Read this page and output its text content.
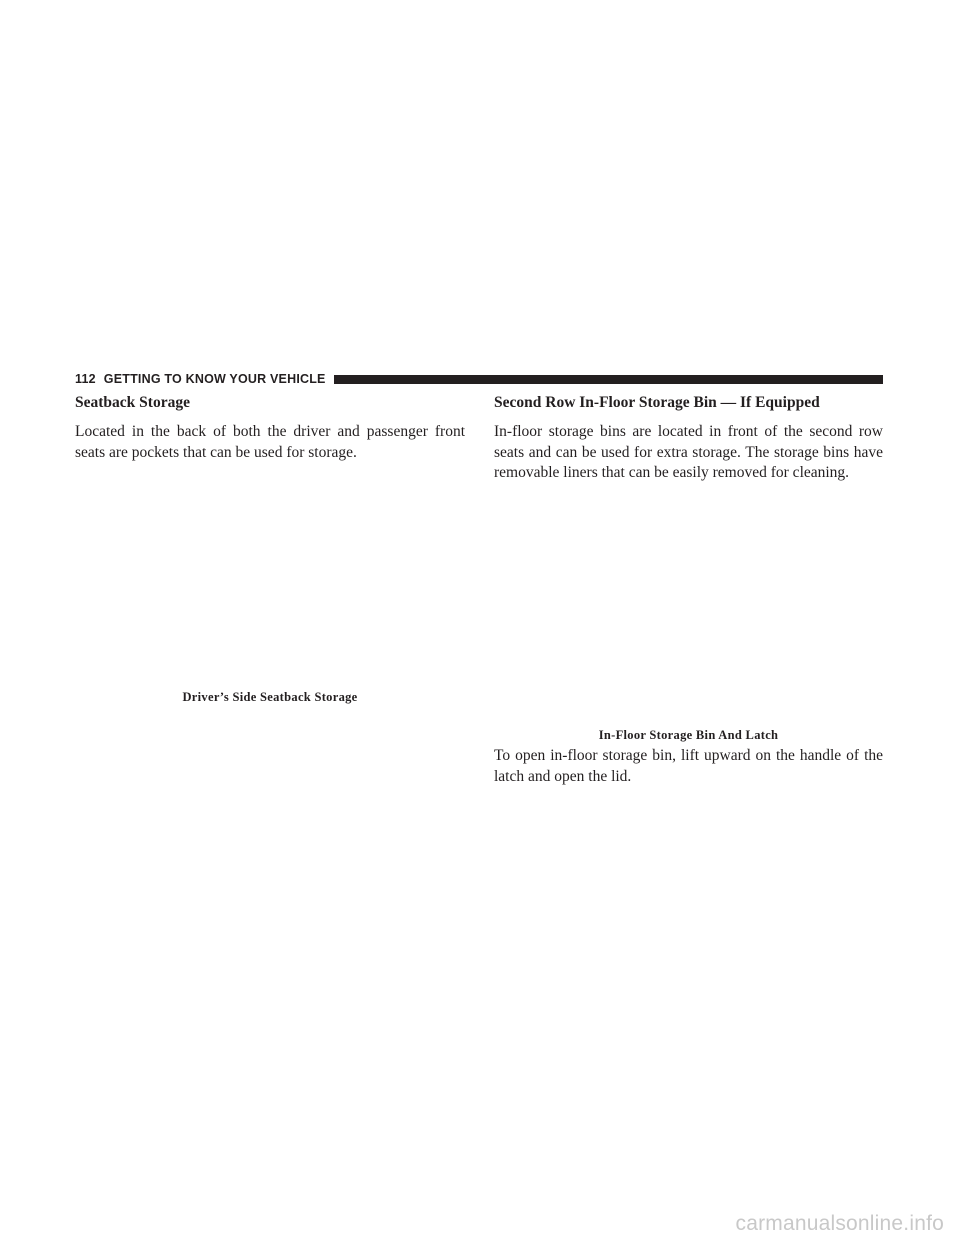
112 GETTING TO KNOW YOUR VEHICLE
Seatback Storage

Located in the back of both the driver and passenger front seats are pockets that can be used for storage.

Driver’s Side Seatback Storage
Second Row In-Floor Storage Bin — If Equipped

In-floor storage bins are located in front of the second row seats and can be used for extra storage. The storage bins have removable liners that can be easily removed for cleaning.

In-Floor Storage Bin And Latch

To open in-floor storage bin, lift upward on the handle of the latch and open the lid.

carmanualsonline.info
